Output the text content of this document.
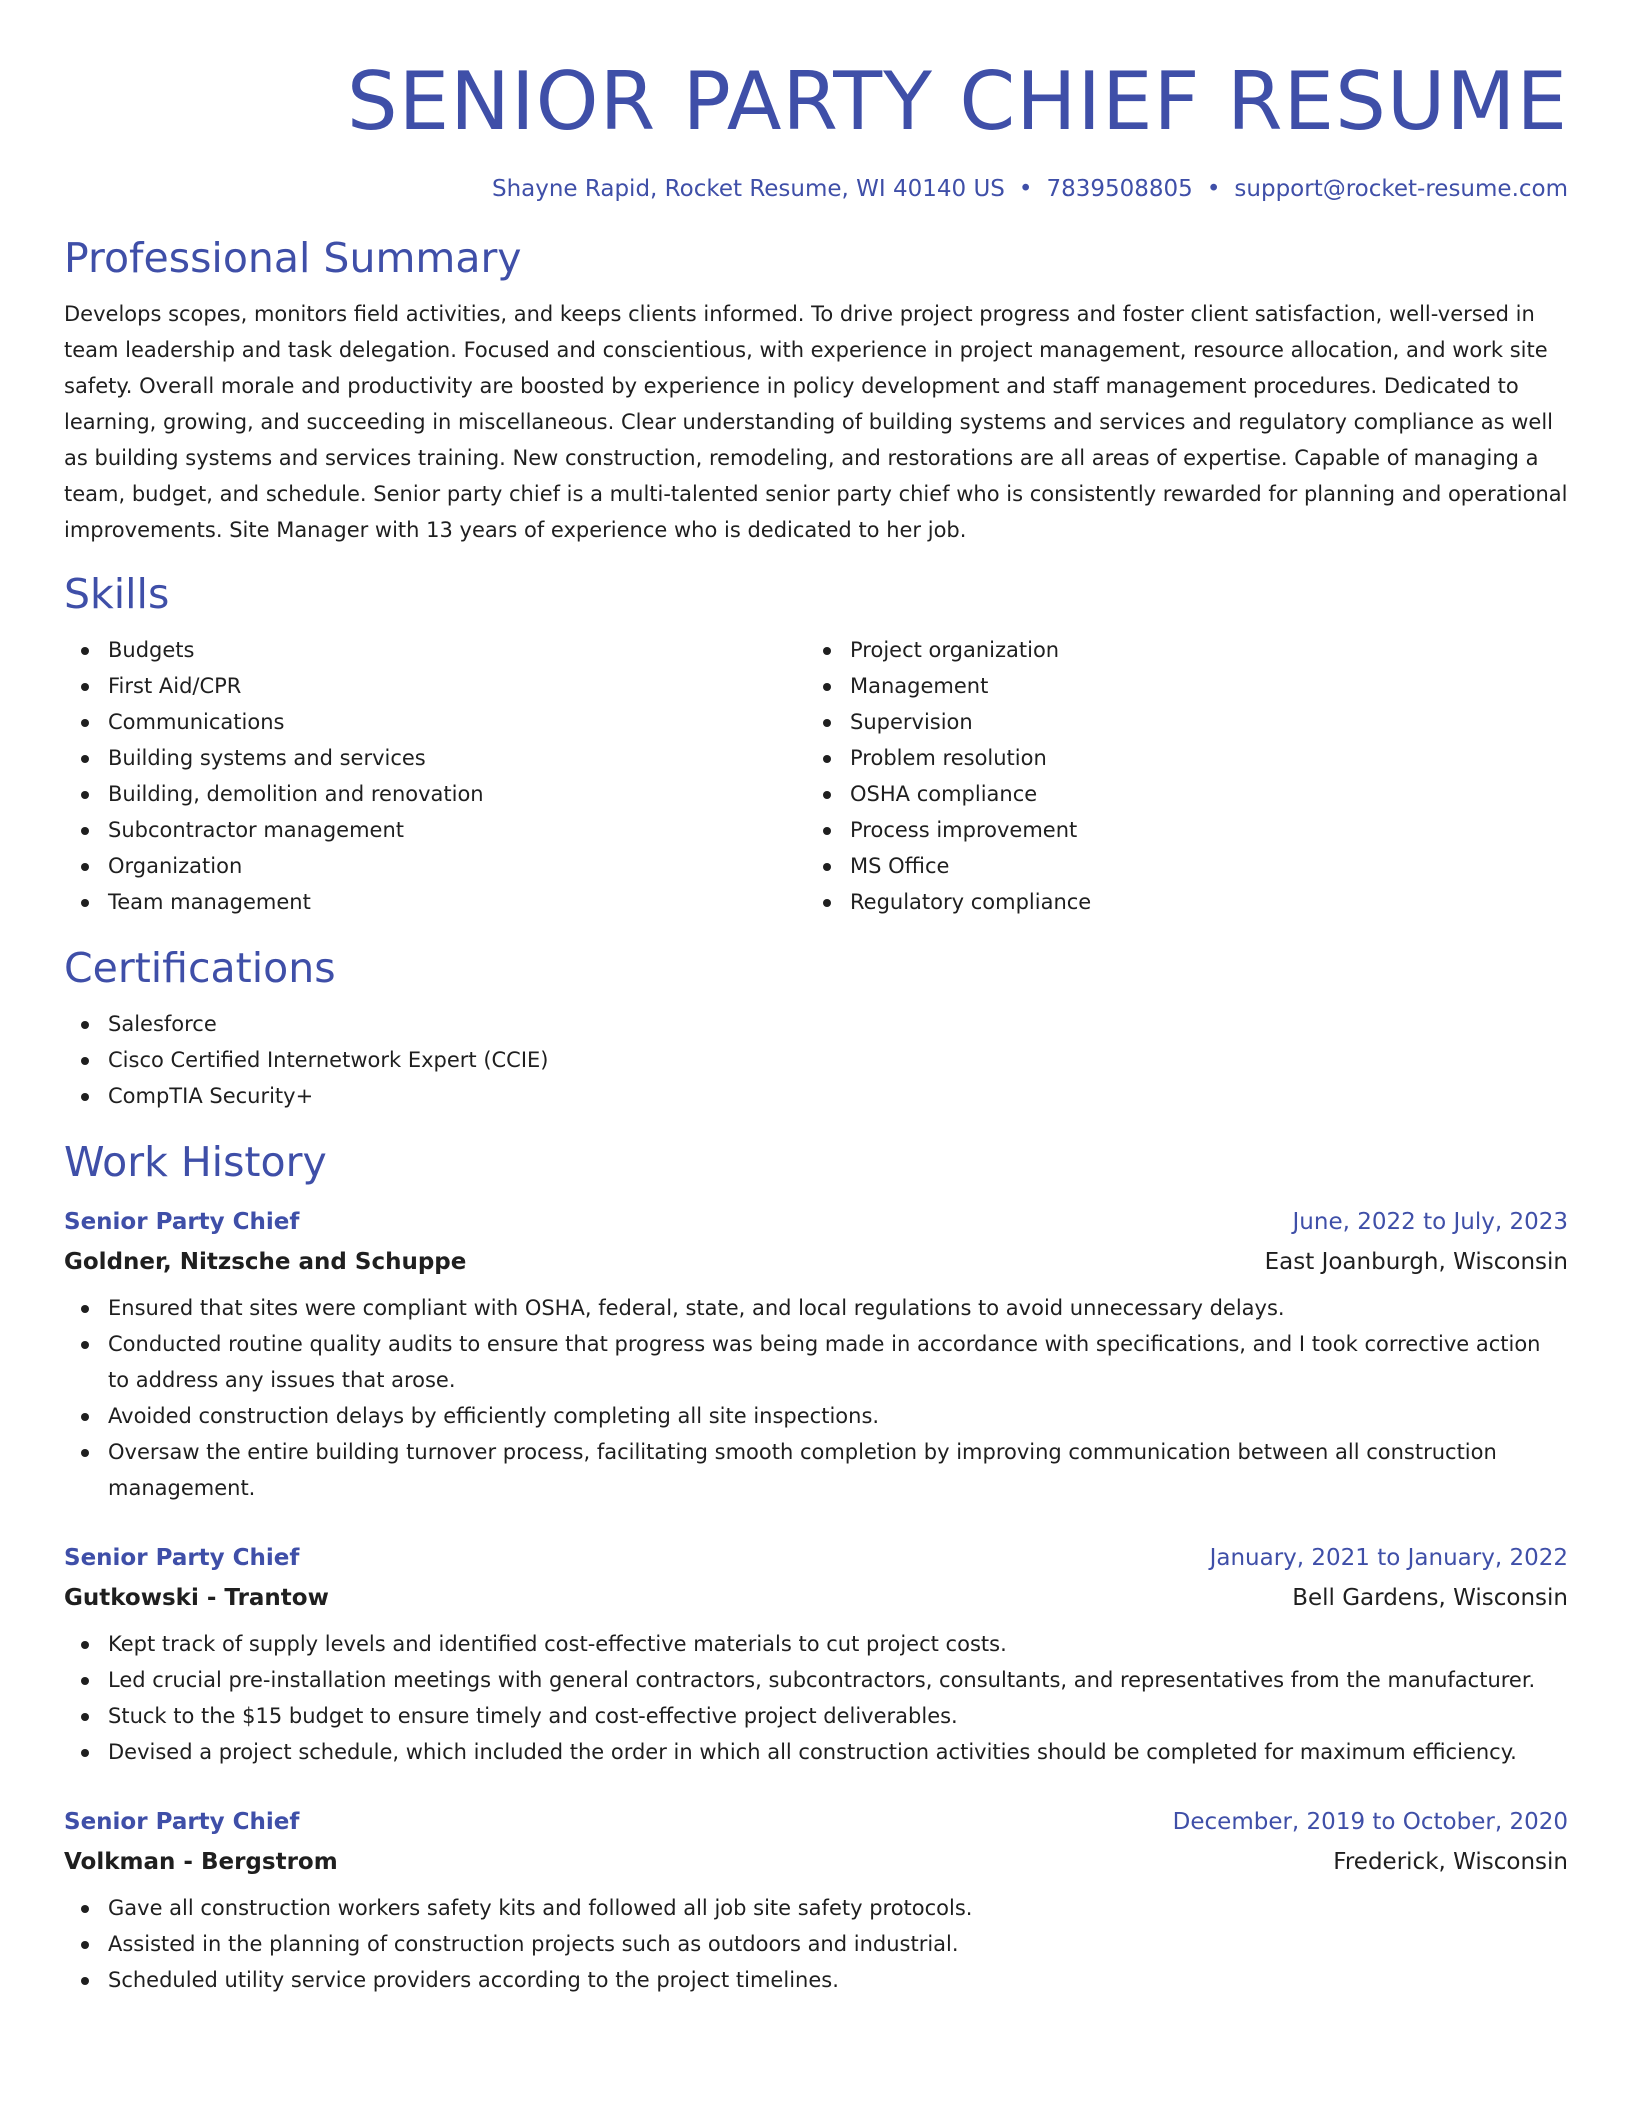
SENIOR PARTY CHIEF RESUME
Shayne Rapid, Rocket Resume, WI 40140 US • 7839508805 • support@rocket-resume.com
Professional Summary

Develops scopes, monitors field activities, and keeps clients informed. To drive project progress and foster client satisfaction, well-versed in team leadership and task delegation. Focused and conscientious, with experience in project management, resource allocation, and work site safety. Overall morale and productivity are boosted by experience in policy development and staff management procedures. Dedicated to learning, growing, and succeeding in miscellaneous. Clear understanding of building systems and services and regulatory compliance as well as building systems and services training. New construction, remodeling, and restorations are all areas of expertise. Capable of managing a team, budget, and schedule. Senior party chief is a multi-talented senior party chief who is consistently rewarded for planning and operational improvements. Site Manager with 13 years of experience who is dedicated to her job.

Skills
Budgets
First Aid/CPR
Communications
Building systems and services
Building, demolition and renovation
Subcontractor management
Organization
Team management
Project organization
Management
Supervision
Problem resolution
OSHA compliance
Process improvement
MS Office
Regulatory compliance
Certifications
Salesforce
Cisco Certified Internetwork Expert (CCIE)
CompTIA Security+
Work History
Senior Party Chief	June, 2022 to July, 2023
Goldner, Nitzsche and Schuppe	East Joanburgh, Wisconsin
Ensured that sites were compliant with OSHA, federal, state, and local regulations to avoid unnecessary delays.
Conducted routine quality audits to ensure that progress was being made in accordance with specifications, and I took corrective action to address any issues that arose.
Avoided construction delays by efficiently completing all site inspections.
Oversaw the entire building turnover process, facilitating smooth completion by improving communication between all construction management.
Senior Party Chief	January, 2021 to January, 2022
Gutkowski - Trantow	Bell Gardens, Wisconsin
Kept track of supply levels and identified cost-effective materials to cut project costs.
Led crucial pre-installation meetings with general contractors, subcontractors, consultants, and representatives from the manufacturer.
Stuck to the $15 budget to ensure timely and cost-effective project deliverables.
Devised a project schedule, which included the order in which all construction activities should be completed for maximum efficiency.
Senior Party Chief	December, 2019 to October, 2020
Volkman - Bergstrom	Frederick, Wisconsin
Gave all construction workers safety kits and followed all job site safety protocols.
Assisted in the planning of construction projects such as outdoors and industrial.
Scheduled utility service providers according to the project timelines.
